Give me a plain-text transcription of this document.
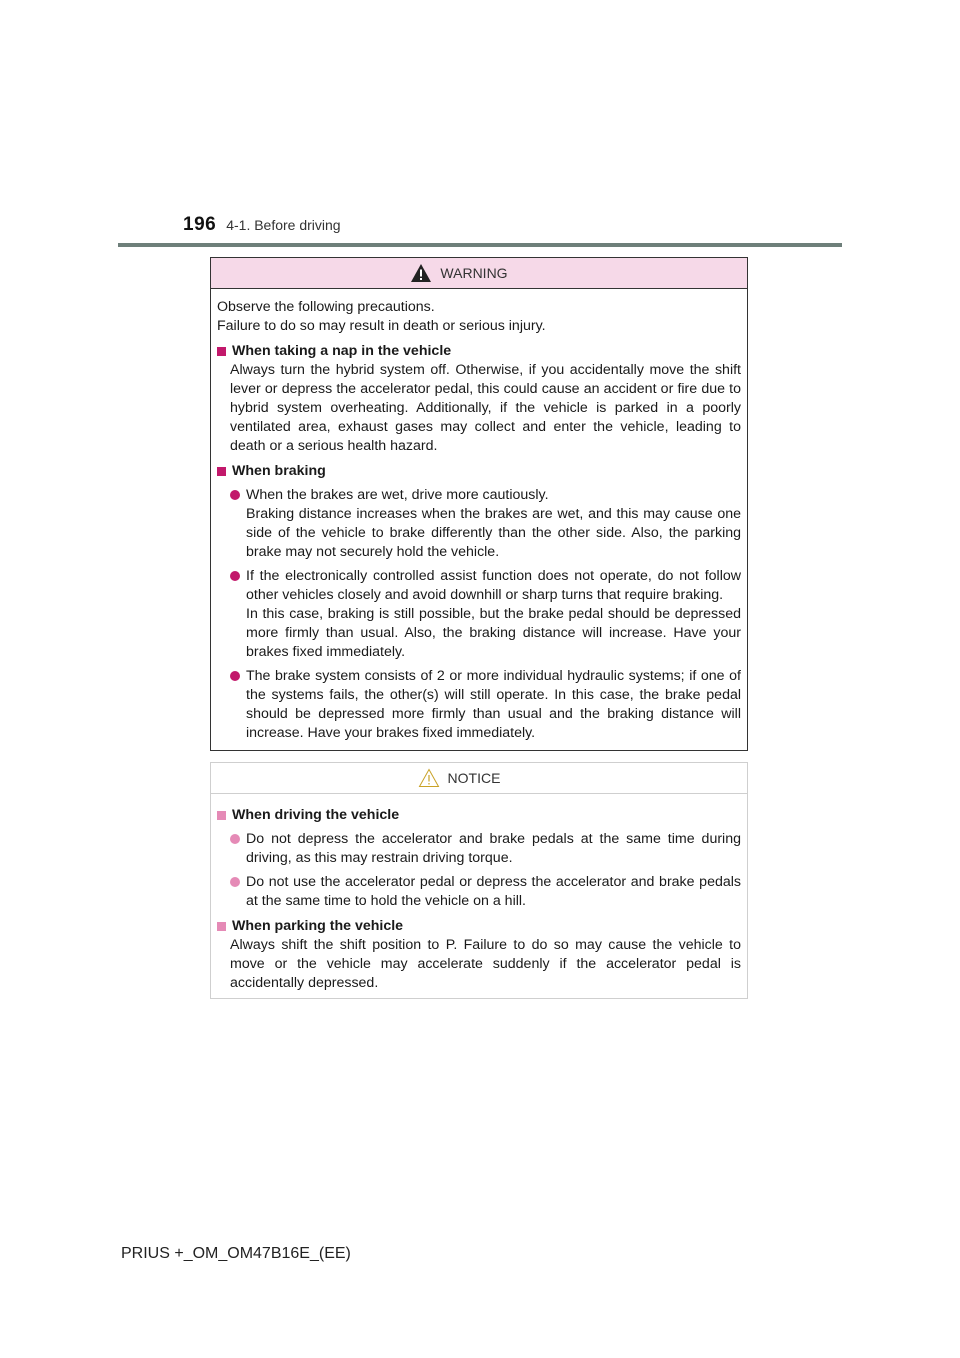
196 4-1. Before driving
WARNING
Observe the following precautions.
Failure to do so may result in death or serious injury.
When taking a nap in the vehicle

Always turn the hybrid system off. Otherwise, if you accidentally move the shift lever or depress the accelerator pedal, this could cause an accident or fire due to hybrid system overheating. Additionally, if the vehicle is parked in a poorly ventilated area, exhaust gases may collect and enter the vehicle, leading to death or a serious health hazard.

When braking

When the brakes are wet, drive more cautiously.

Braking distance increases when the brakes are wet, and this may cause one side of the vehicle to brake differently than the other side. Also, the parking brake may not securely hold the vehicle.

If the electronically controlled assist function does not operate, do not follow other vehicles closely and avoid downhill or sharp turns that require braking.

In this case, braking is still possible, but the brake pedal should be depressed more firmly than usual. Also, the braking distance will increase. Have your brakes fixed immediately.

The brake system consists of 2 or more individual hydraulic systems; if one of the systems fails, the other(s) will still operate. In this case, the brake pedal should be depressed more firmly than usual and the braking distance will increase. Have your brakes fixed immediately.

NOTICE
When driving the vehicle

Do not depress the accelerator and brake pedals at the same time during driving, as this may restrain driving torque.

Do not use the accelerator pedal or depress the accelerator and brake pedals at the same time to hold the vehicle on a hill.

When parking the vehicle

Always shift the shift position to P. Failure to do so may cause the vehicle to move or the vehicle may accelerate suddenly if the accelerator pedal is accidentally depressed.

PRIUS +_OM_OM47B16E_(EE)
